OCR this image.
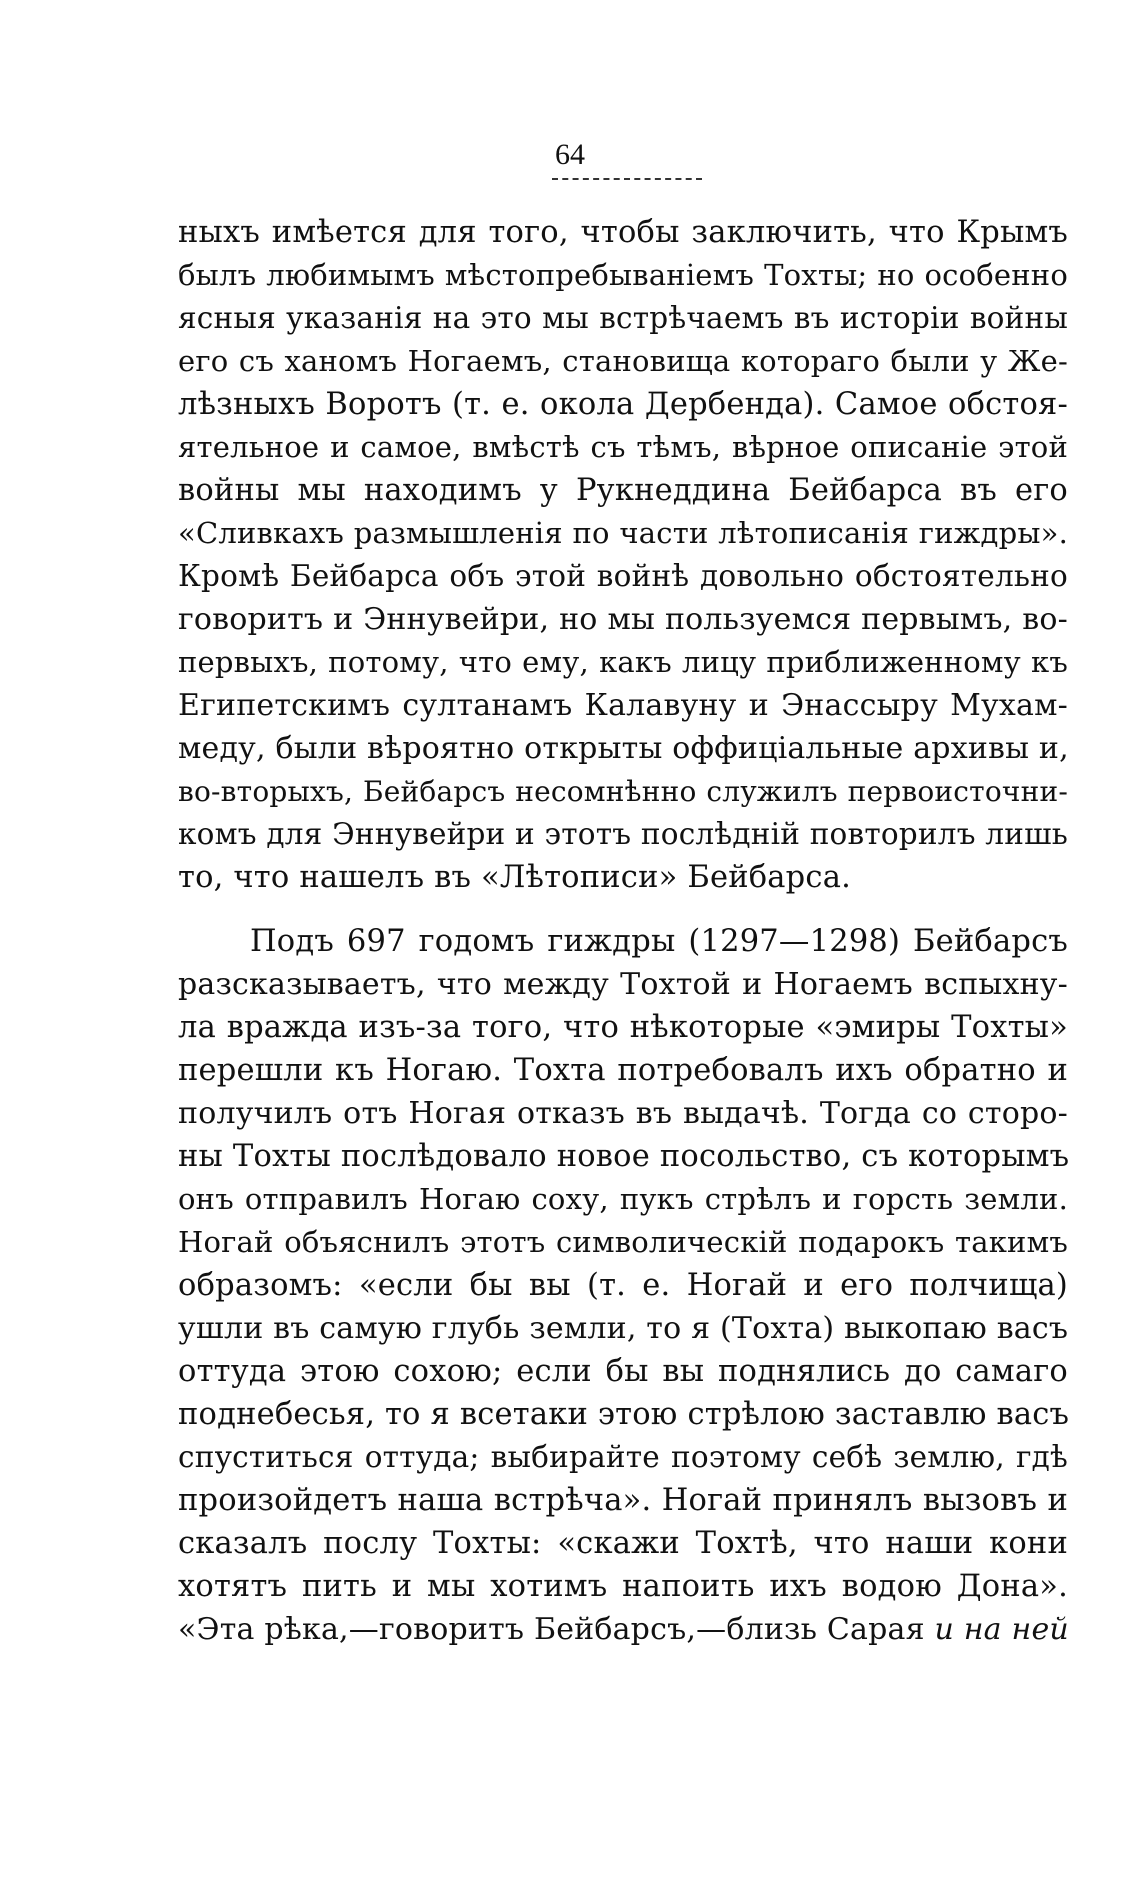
64
ныхъ имѣется для того, чтобы заключить, что Крымъ
былъ любимымъ мѣстопребываніемъ Тохты; но особенно
ясныя указанія на это мы встрѣчаемъ въ исторіи войны
его съ ханомъ Ногаемъ, становища котораго были у Же-
лѣзныхъ Воротъ (т. е. окола Дербенда). Самое обстоя-
ятельное и самое, вмѣстѣ съ тѣмъ, вѣрное описаніе этой
войны мы находимъ у Рукнеддина Бейбарса въ его
«Сливкахъ размышленія по части лѣтописанія гиждры».
Кромѣ Бейбарса объ этой войнѣ довольно обстоятельно
говоритъ и Эннувейри, но мы пользуемся первымъ, во-
первыхъ, потому, что ему, какъ лицу приближенному къ
Египетскимъ султанамъ Калавуну и Энассыру Мухам-
меду, были вѣроятно открыты оффиціальные архивы и,
во-вторыхъ, Бейбарсъ несомнѣнно служилъ первоисточни-
комъ для Эннувейри и этотъ послѣдній повторилъ лишь
то, что нашелъ въ «Лѣтописи» Бейбарса.
Подъ 697 годомъ гиждры (1297—1298) Бейбарсъ
разсказываетъ, что между Тохтой и Ногаемъ вспыхну-
ла вражда изъ-за того, что нѣкоторые «эмиры Тохты»
перешли къ Ногаю. Тохта потребовалъ ихъ обратно и
получилъ отъ Ногая отказъ въ выдачѣ. Тогда со сторо-
ны Тохты послѣдовало новое посольство, съ которымъ
онъ отправилъ Ногаю соху, пукъ стрѣлъ и горсть земли.
Ногай объяснилъ этотъ символическій подарокъ такимъ
образомъ: «если бы вы (т. е. Ногай и его полчища)
ушли въ самую глубь земли, то я (Тохта) выкопаю васъ
оттуда этою сохою; если бы вы поднялись до самаго
поднебесья, то я всетаки этою стрѣлою заставлю васъ
спуститься оттуда; выбирайте поэтому себѣ землю, гдѣ
произойдетъ наша встрѣча». Ногай принялъ вызовъ и
сказалъ послу Тохты: «скажи Тохтѣ, что наши кони
хотятъ пить и мы хотимъ напоить ихъ водою Дона».
«Эта рѣка,—говоритъ Бейбарсъ,—близь Сарая и на ней
